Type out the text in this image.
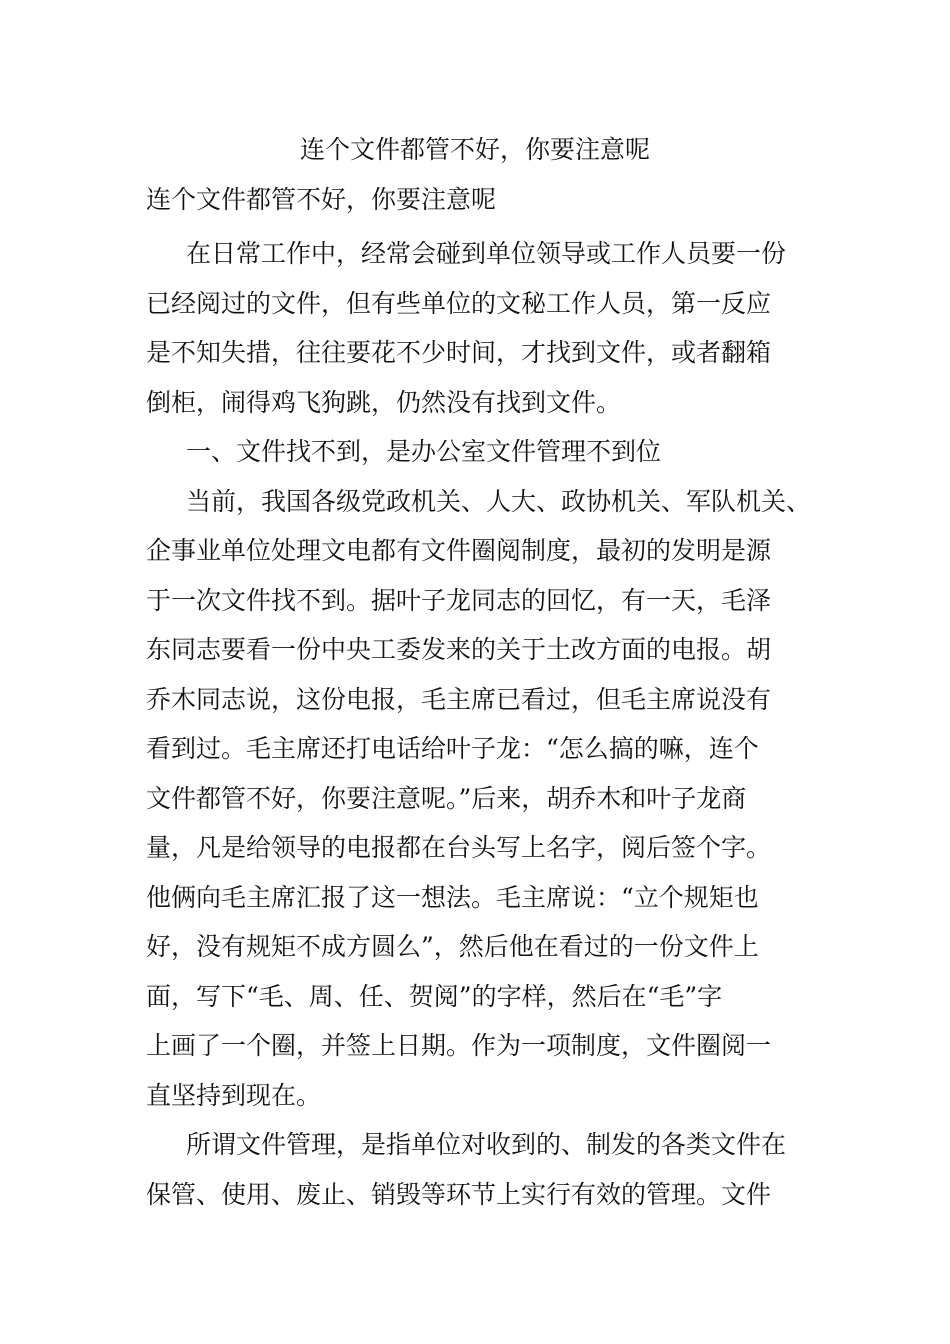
连个文件都管不好，你要注意呢
连个文件都管不好，你要注意呢
在日常工作中，经常会碰到单位领导或工作人员要一份
已经阅过的文件，但有些单位的文秘工作人员，第一反应
是不知失措，往往要花不少时间，才找到文件，或者翻箱
倒柜，闹得鸡飞狗跳，仍然没有找到文件。
一、文件找不到，是办公室文件管理不到位
当前，我国各级党政机关、人大、政协机关、军队机关、
企事业单位处理文电都有文件圈阅制度，最初的发明是源
于一次文件找不到。据叶子龙同志的回忆，有一天，毛泽
东同志要看一份中央工委发来的关于土改方面的电报。胡
乔木同志说，这份电报，毛主席已看过，但毛主席说没有
看到过。毛主席还打电话给叶子龙：“怎么搞的嘛，连个
文件都管不好，你要注意呢。”后来，胡乔木和叶子龙商
量，凡是给领导的电报都在台头写上名字，阅后签个字。
他俩向毛主席汇报了这一想法。毛主席说：“立个规矩也
好，没有规矩不成方圆么”，然后他在看过的一份文件上
面，写下“毛、周、任、贺阅”的字样，然后在“毛”字
上画了一个圈，并签上日期。作为一项制度，文件圈阅一
直坚持到现在。
所谓文件管理，是指单位对收到的、制发的各类文件在
保管、使用、废止、销毁等环节上实行有效的管理。文件
